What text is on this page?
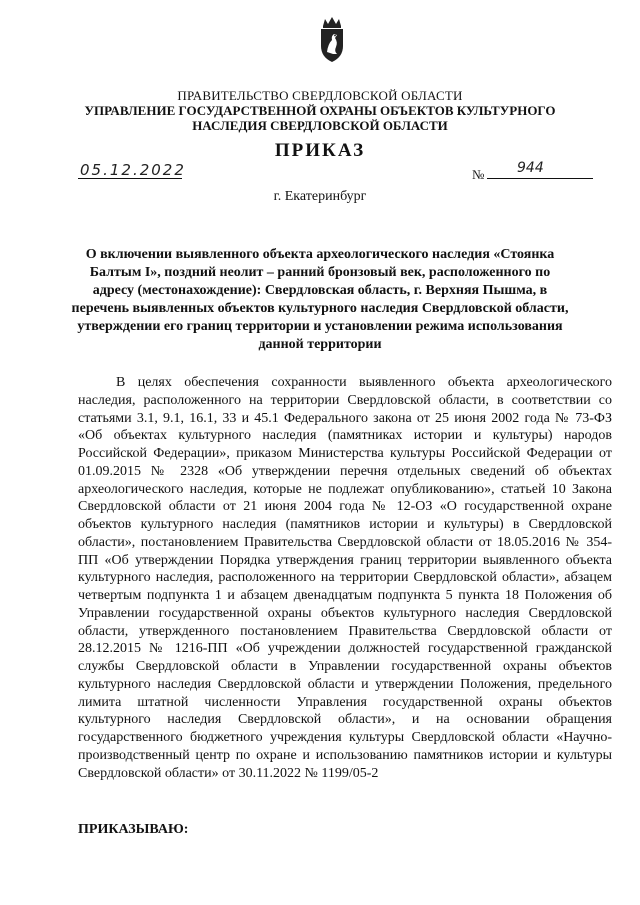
ПРАВИТЕЛЬСТВО СВЕРДЛОВСКОЙ ОБЛАСТИ
УПРАВЛЕНИЕ ГОСУДАРСТВЕННОЙ ОХРАНЫ ОБЪЕКТОВ КУЛЬТУРНОГО НАСЛЕДИЯ СВЕРДЛОВСКОЙ ОБЛАСТИ
ПРИКАЗ
05.12.2022	№ 944
г. Екатеринбург
О включении выявленного объекта археологического наследия «Стоянка Балтым I», поздний неолит – ранний бронзовый век, расположенного по адресу (местонахождение): Свердловская область, г. Верхняя Пышма, в перечень выявленных объектов культурного наследия Свердловской области, утверждении его границ территории и установлении режима использования данной территории

В целях обеспечения сохранности выявленного объекта археологического наследия, расположенного на территории Свердловской области, в соответствии со статьями 3.1, 9.1, 16.1, 33 и 45.1 Федерального закона от 25 июня 2002 года № 73-ФЗ «Об объектах культурного наследия (памятниках истории и культуры) народов Российской Федерации», приказом Министерства культуры Российской Федерации от 01.09.2015 № 2328 «Об утверждении перечня отдельных сведений об объектах археологического наследия, которые не подлежат опубликованию», статьей 10 Закона Свердловской области от 21 июня 2004 года № 12-ОЗ «О государственной охране объектов культурного наследия (памятников истории и культуры) в Свердловской области», постановлением Правительства Свердловской области от 18.05.2016 № 354-ПП «Об утверждении Порядка утверждения границ территории выявленного объекта культурного наследия, расположенного на территории Свердловской области», абзацем четвертым подпункта 1 и абзацем двенадцатым подпункта 5 пункта 18 Положения об Управлении государственной охраны объектов культурного наследия Свердловской области, утвержденного постановлением Правительства Свердловской области от 28.12.2015 № 1216-ПП «Об учреждении должностей государственной гражданской службы Свердловской области в Управлении государственной охраны объектов культурного наследия Свердловской области и утверждении Положения, предельного лимита штатной численности Управления государственной охраны объектов культурного наследия Свердловской области», и на основании обращения государственного бюджетного учреждения культуры Свердловской области «Научно-производственный центр по охране и использованию памятников истории и культуры Свердловской области» от 30.11.2022 № 1199/05-2

ПРИКАЗЫВАЮ:
